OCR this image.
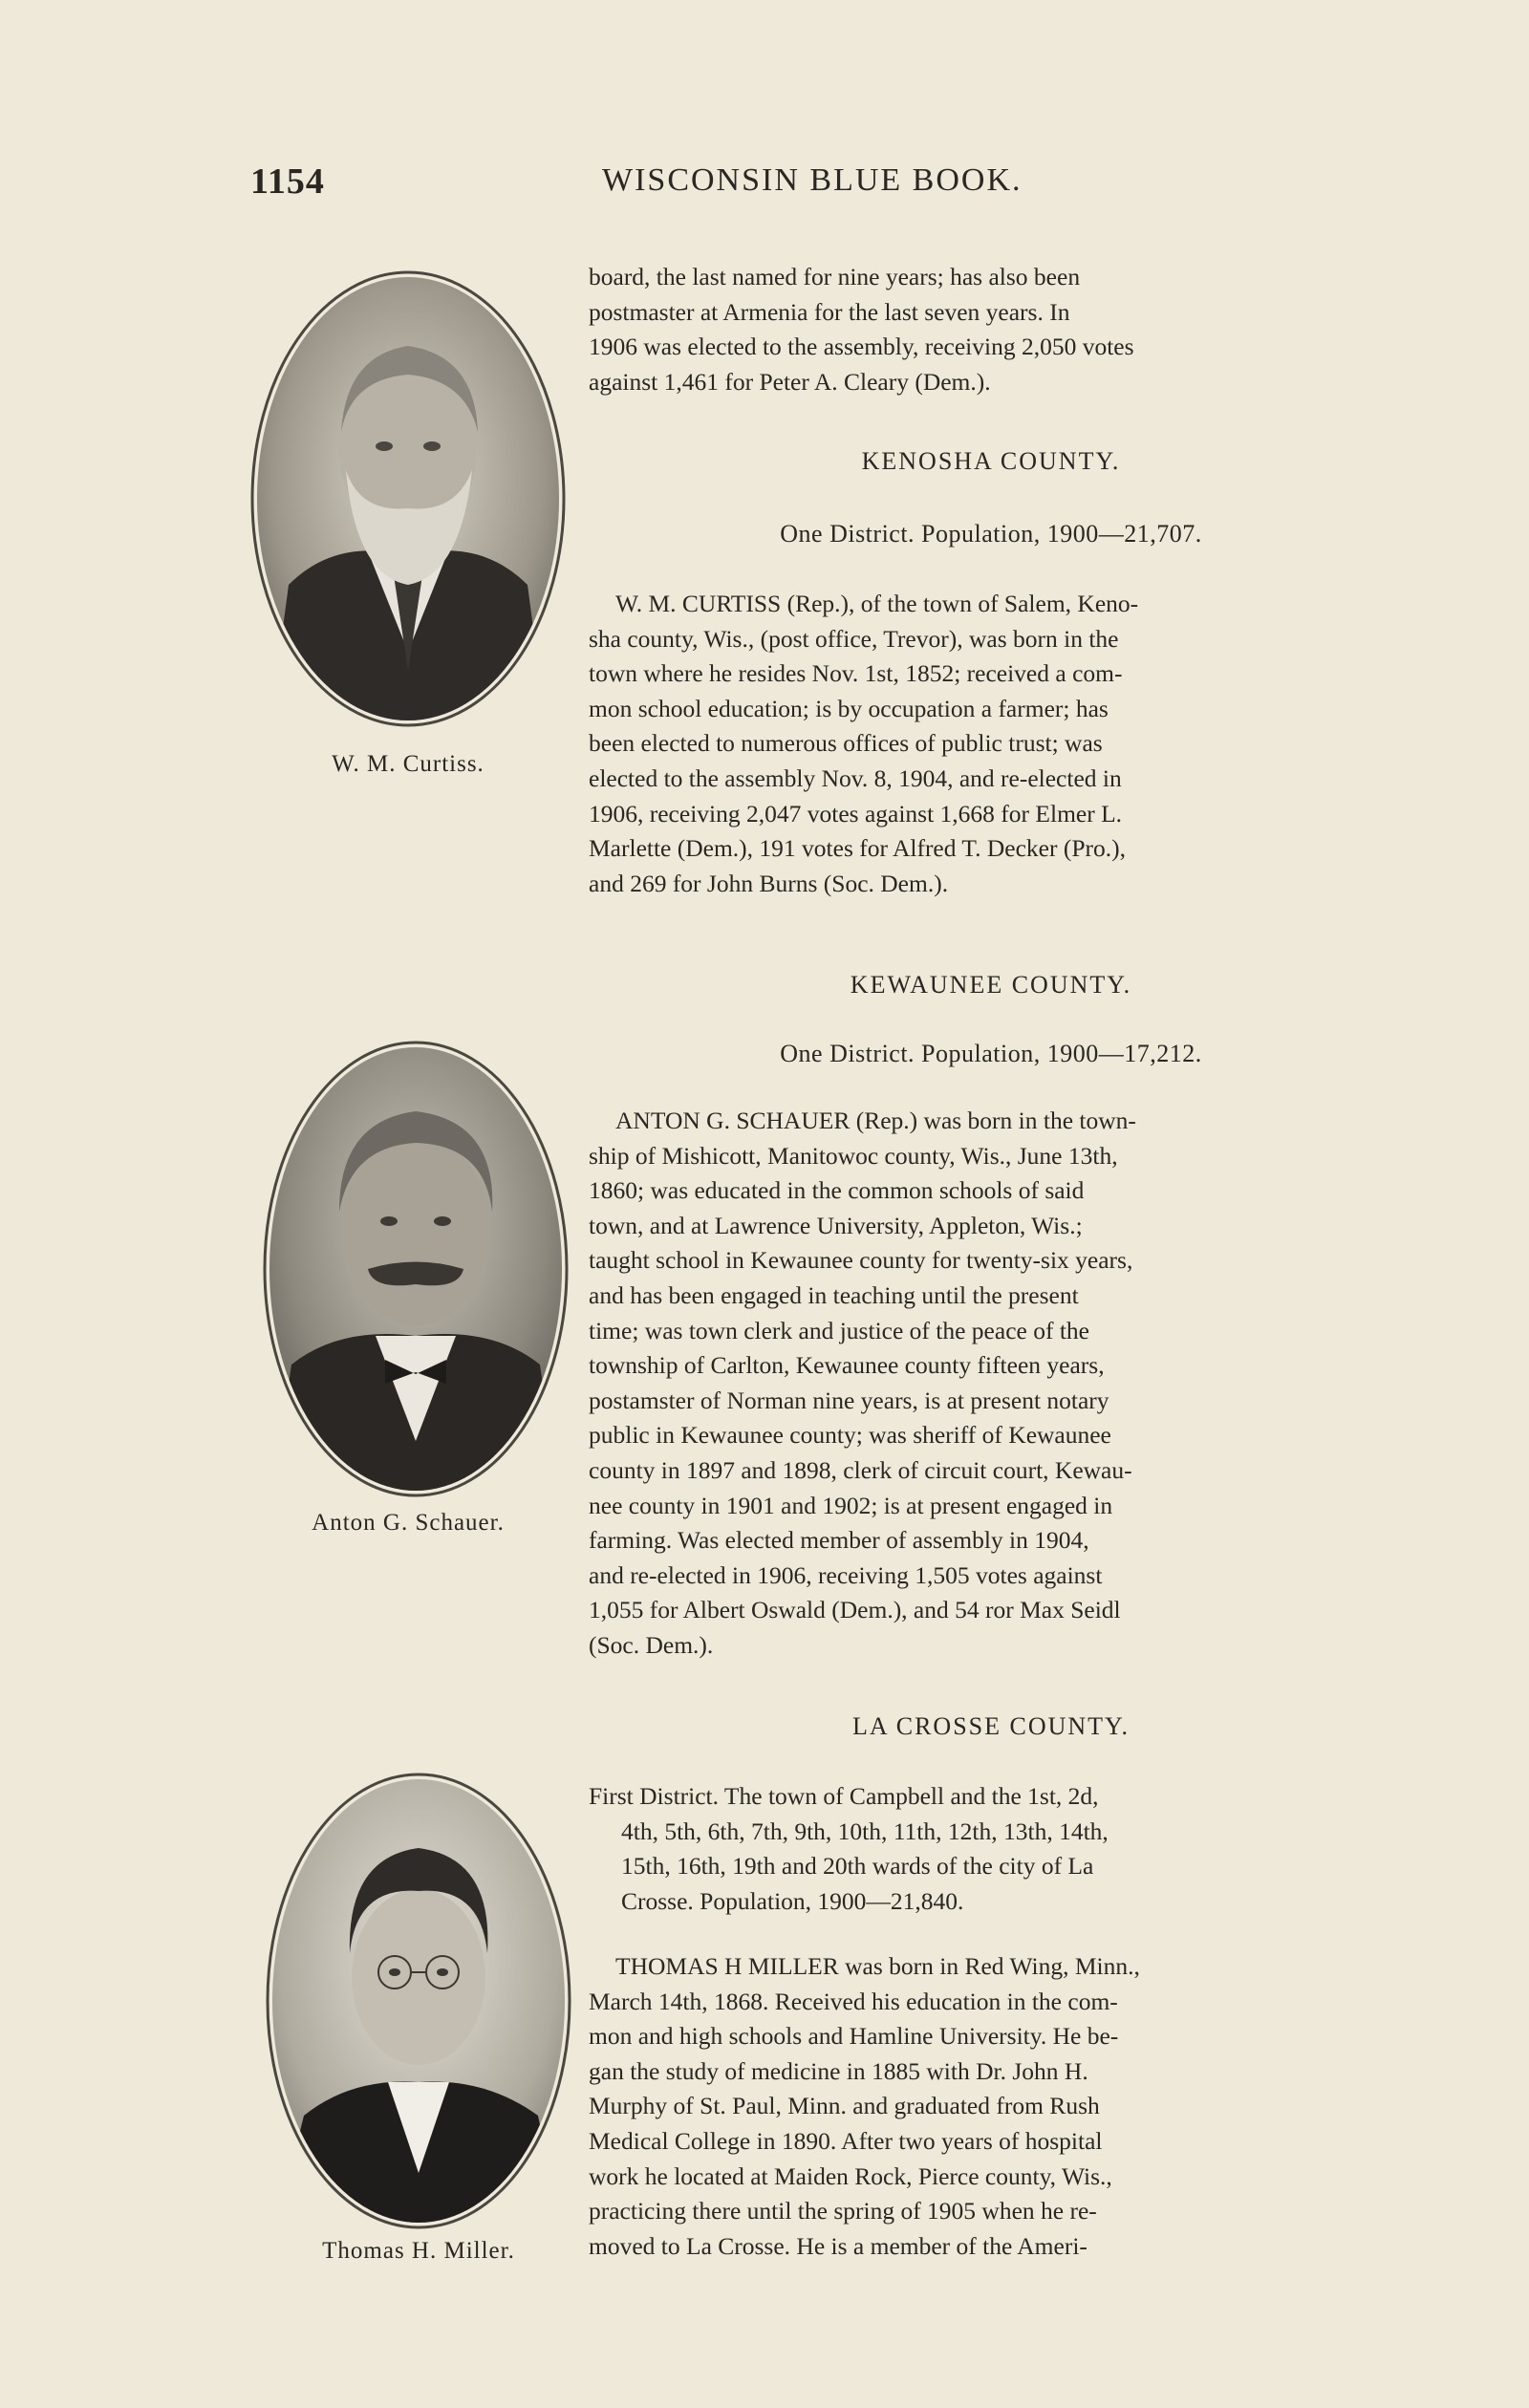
1154	WISCONSIN BLUE BOOK.

board, the last named for nine years; has also been

postmaster at Armenia for the last seven years. In

1906 was elected to the assembly, receiving 2,050 votes

against 1,461 for Peter A. Cleary (Dem.).

KENOSHA COUNTY.
One District. Population, 1900—21,707.
W. M. Curtiss.

W. M. CURTISS (Rep.), of the town of Salem, Keno-

sha county, Wis., (post office, Trevor), was born in the

town where he resides Nov. 1st, 1852; received a com-

mon school education; is by occupation a farmer; has

been elected to numerous offices of public trust; was

elected to the assembly Nov. 8, 1904, and re-elected in

1906, receiving 2,047 votes against 1,668 for Elmer L.

Marlette (Dem.), 191 votes for Alfred T. Decker (Pro.),

and 269 for John Burns (Soc. Dem.).

KEWAUNEE COUNTY.
One District. Population, 1900—17,212.
Anton G. Schauer.

ANTON G. SCHAUER (Rep.) was born in the town-

ship of Mishicott, Manitowoc county, Wis., June 13th,

1860; was educated in the common schools of said

town, and at Lawrence University, Appleton, Wis.;

taught school in Kewaunee county for twenty-six years,

and has been engaged in teaching until the present

time; was town clerk and justice of the peace of the

township of Carlton, Kewaunee county fifteen years,

postamster of Norman nine years, is at present notary

public in Kewaunee county; was sheriff of Kewaunee

county in 1897 and 1898, clerk of circuit court, Kewau-

nee county in 1901 and 1902; is at present engaged in

farming. Was elected member of assembly in 1904,

and re-elected in 1906, receiving 1,505 votes against

1,055 for Albert Oswald (Dem.), and 54 ror Max Seidl

(Soc. Dem.).

LA CROSSE COUNTY.

First District. The town of Campbell and the 1st, 2d,

4th, 5th, 6th, 7th, 9th, 10th, 11th, 12th, 13th, 14th,

15th, 16th, 19th and 20th wards of the city of La

Crosse. Population, 1900—21,840.

Thomas H. Miller.

THOMAS H MILLER was born in Red Wing, Minn.,

March 14th, 1868. Received his education in the com-

mon and high schools and Hamline University. He be-

gan the study of medicine in 1885 with Dr. John H.

Murphy of St. Paul, Minn. and graduated from Rush

Medical College in 1890. After two years of hospital

work he located at Maiden Rock, Pierce county, Wis.,

practicing there until the spring of 1905 when he re-

moved to La Crosse. He is a member of the Ameri-
